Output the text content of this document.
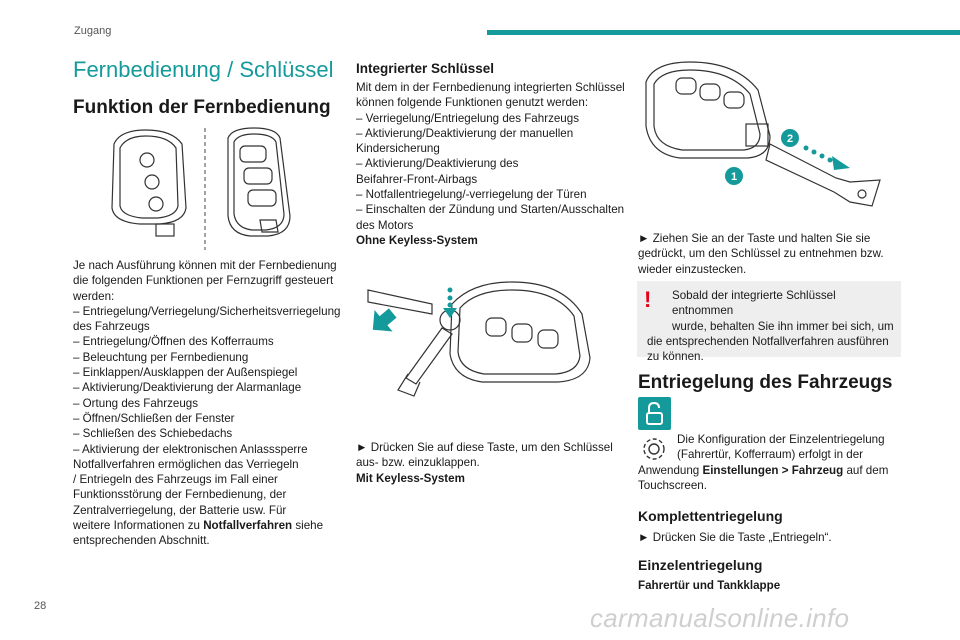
Zugang
Fernbedienung / Schlüssel
Funktion der Fernbedienung

Je nach Ausführung können mit der Fernbedienung

die folgenden Funktionen per Fernzugriff gesteuert

werden:

– Entriegelung/Verriegelung/Sicherheitsverriegelung

des Fahrzeugs

– Entriegelung/Öffnen des Kofferraums

– Beleuchtung per Fernbedienung

– Einklappen/Ausklappen der Außenspiegel

– Aktivierung/Deaktivierung der Alarmanlage

– Ortung des Fahrzeugs

– Öffnen/Schließen der Fenster

– Schließen des Schiebedachs

– Aktivierung der elektronischen Anlasssperre

Notfallverfahren ermöglichen das Verriegeln

/ Entriegeln des Fahrzeugs im Fall einer

Funktionsstörung der Fernbedienung, der

Zentralverriegelung, der Batterie usw. Für

weitere Informationen zu Notfallverfahren siehe

entsprechenden Abschnitt.

Integrierter Schlüssel

Mit dem in der Fernbedienung integrierten Schlüssel

können folgende Funktionen genutzt werden:

– Verriegelung/Entriegelung des Fahrzeugs

– Aktivierung/Deaktivierung der manuellen

Kindersicherung

– Aktivierung/Deaktivierung des

Beifahrer-Front-Airbags

– Notfallentriegelung/-verriegelung der Türen

– Einschalten der Zündung und Starten/Ausschalten

des Motors

Ohne Keyless-System

► Drücken Sie auf diese Taste, um den Schlüssel

aus- bzw. einzuklappen.

Mit Keyless-System

2
1

► Ziehen Sie an der Taste und halten Sie sie

gedrückt, um den Schlüssel zu entnehmen bzw.

wieder einzustecken.

!	Sobald der integrierte Schlüssel entnommen

wurde, behalten Sie ihn immer bei sich, um

die entsprechenden Notfallverfahren ausführen

zu können.

Entriegelung des Fahrzeugs

Die Konfiguration der Einzelentriegelung

(Fahrertür, Kofferraum) erfolgt in der

Anwendung Einstellungen > Fahrzeug auf dem

Touchscreen.

Komplettentriegelung
► Drücken Sie die Taste „Entriegeln“.
Einzelentriegelung
Fahrertür und Tankklappe
28	carmanualsonline.info
